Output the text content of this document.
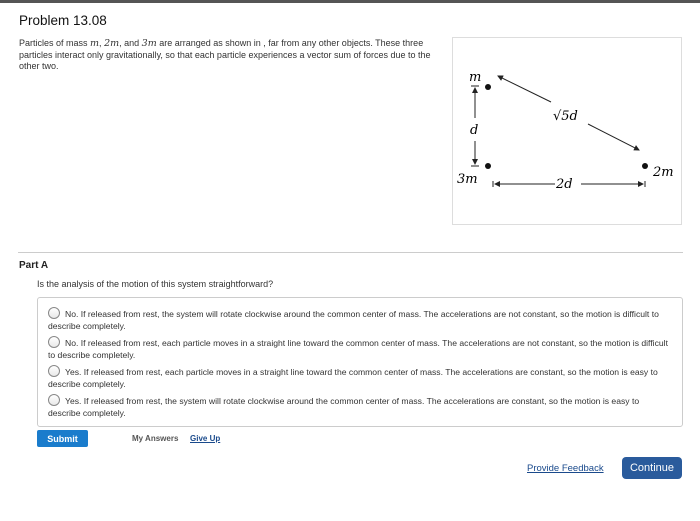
Problem 13.08
Particles of mass m, 2m, and 3m are arranged as shown in , far from any other objects. These three particles interact only gravitationally, so that each particle experiences a vector sum of forces due to the other two.
m
3m	2m
d
2d
√5d
Part A
Is the analysis of the motion of this system straightforward?
No. If released from rest, the system will rotate clockwise around the common center of mass. The accelerations are not constant, so the motion is difficult to describe completely.
No. If released from rest, each particle moves in a straight line toward the common center of mass. The accelerations are not constant, so the motion is difficult to describe completely.
Yes. If released from rest, each particle moves in a straight line toward the common center of mass. The accelerations are constant, so the motion is easy to describe completely.
Yes. If released from rest, the system will rotate clockwise around the common center of mass. The accelerations are constant, so the motion is easy to describe completely.
Submit	My Answers Give Up
Provide Feedback	Continue
